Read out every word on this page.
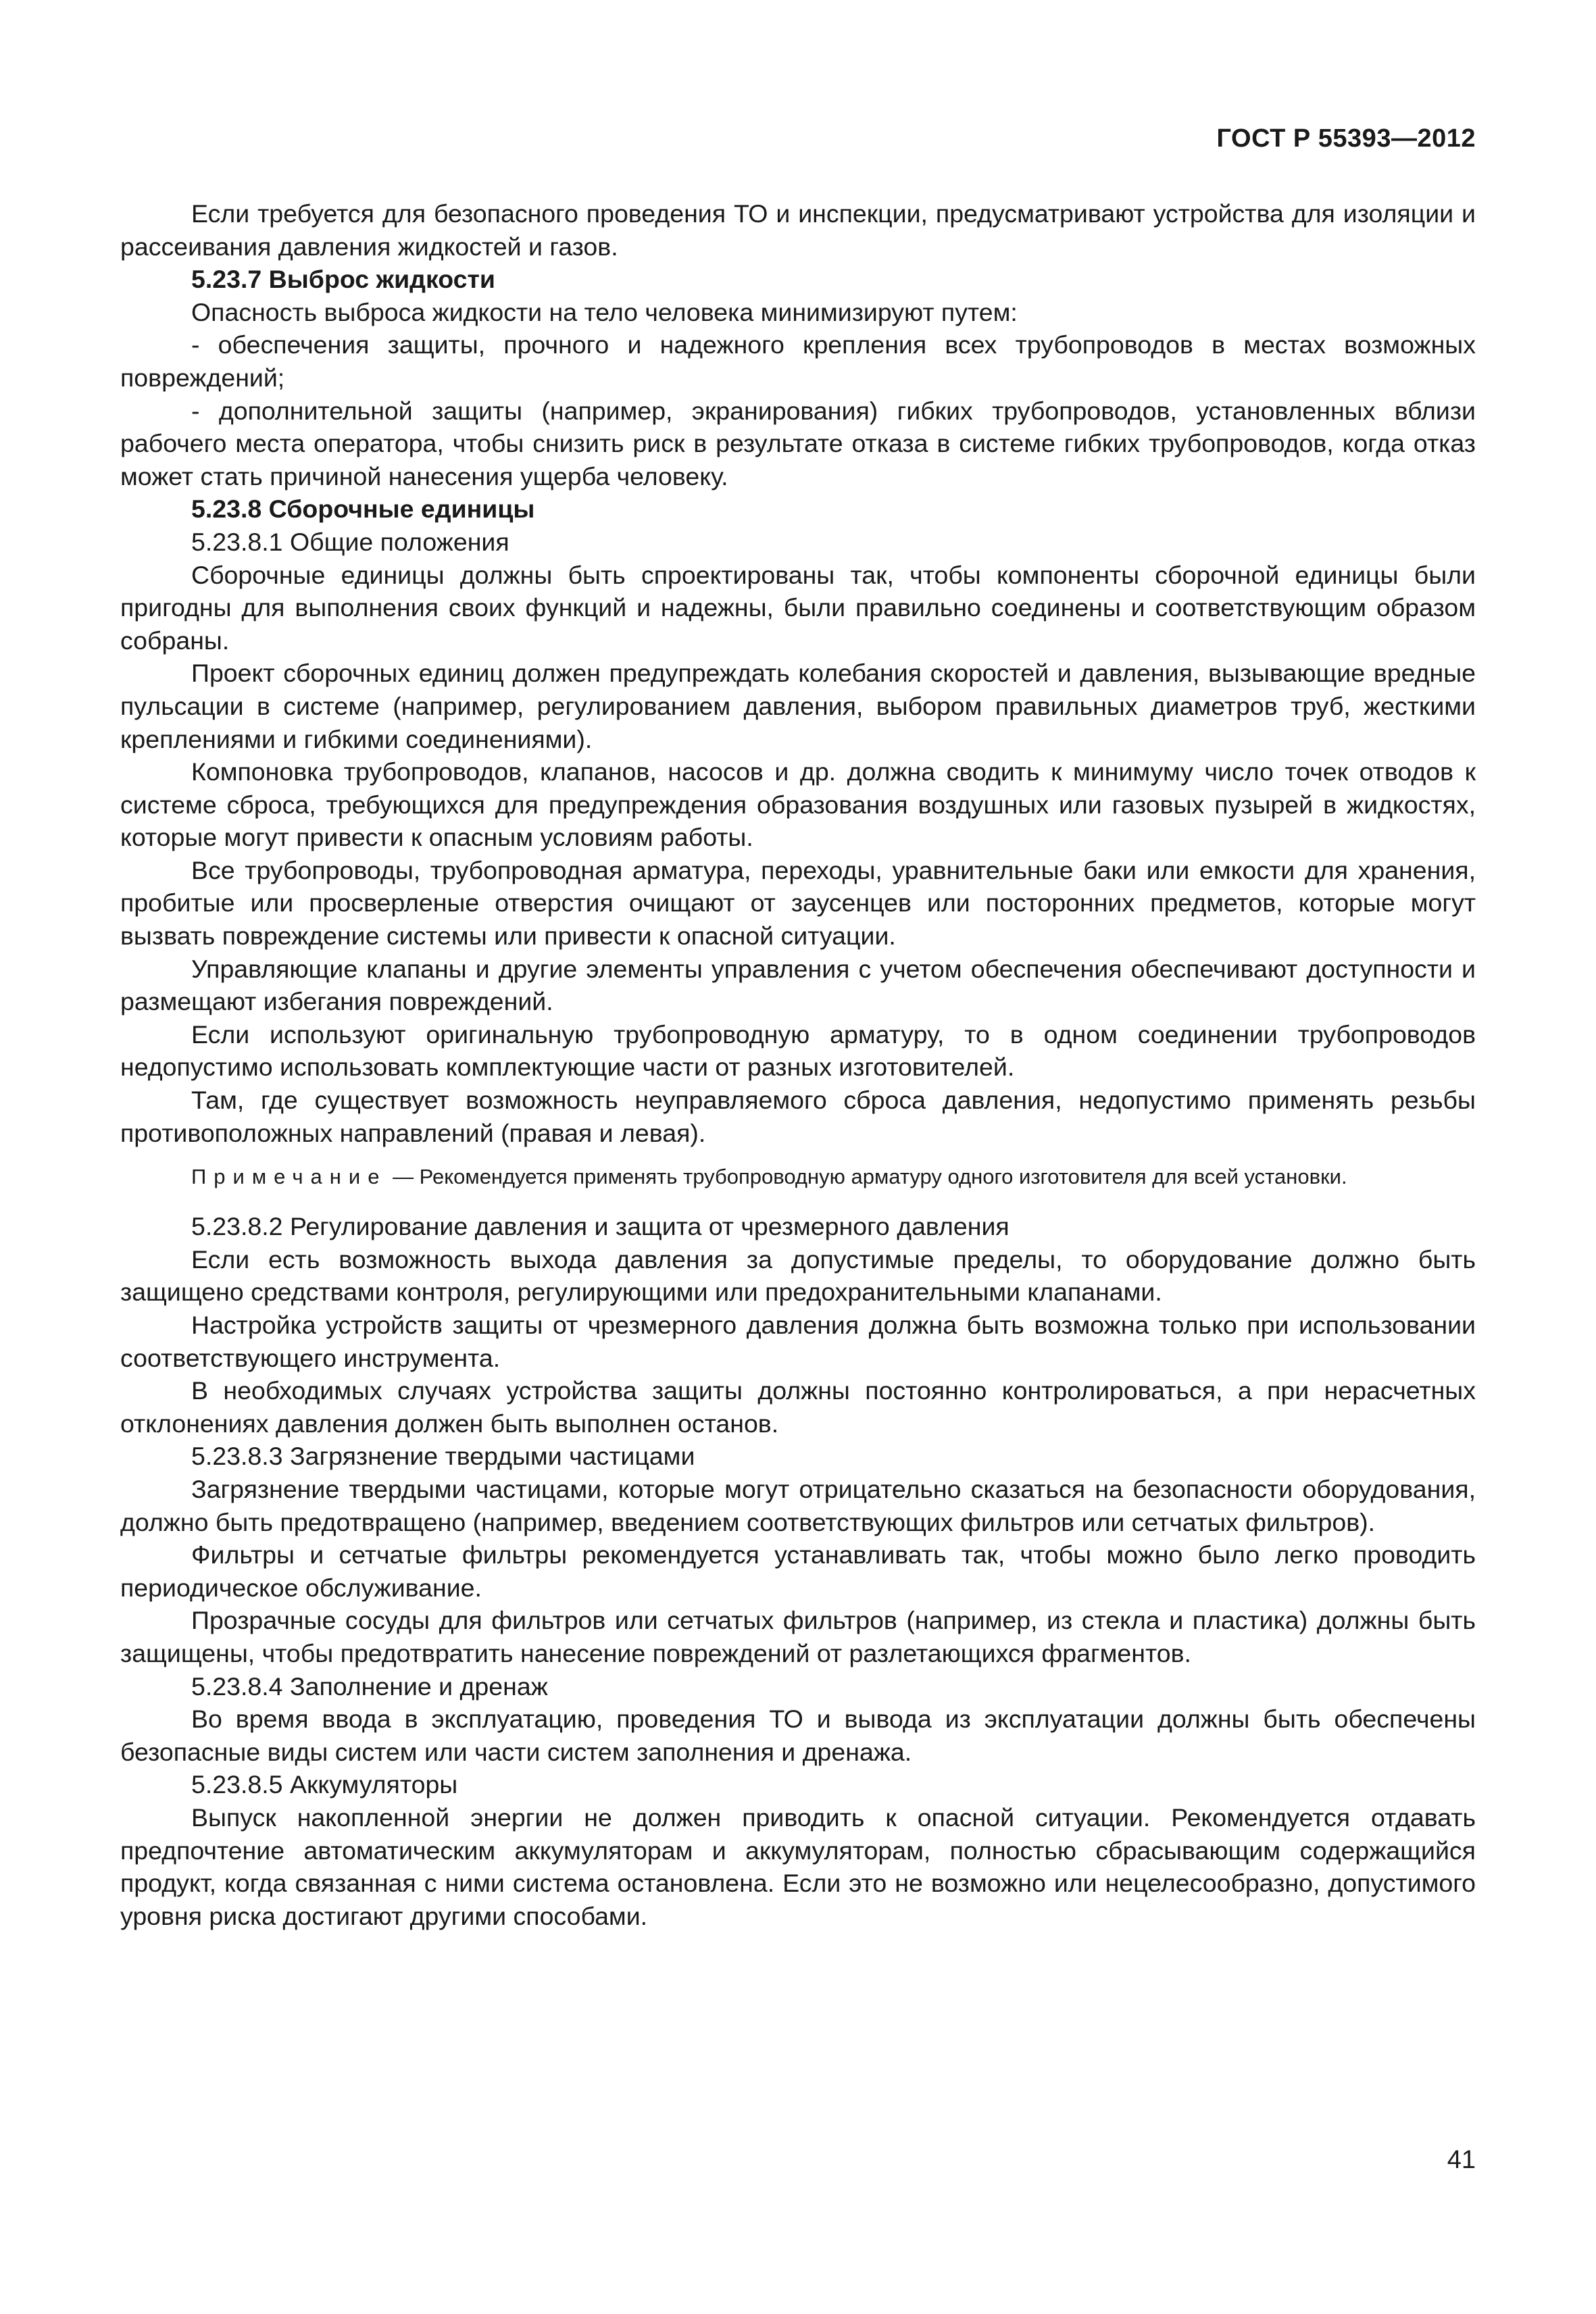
ГОСТ Р 55393—2012

Если требуется для безопасного проведения ТО и инспекции, предусматривают устройства для изоляции и рассеивания давления жидкостей и газов.

5.23.7 Выброс жидкости

Опасность выброса жидкости на тело человека минимизируют путем:

- обеспечения защиты, прочного и надежного крепления всех трубопроводов в местах возможных повреждений;

- дополнительной защиты (например, экранирования) гибких трубопроводов, установленных вблизи рабочего места оператора, чтобы снизить риск в результате отказа в системе гибких трубопроводов, когда отказ может стать причиной нанесения ущерба человеку.

5.23.8 Сборочные единицы

5.23.8.1 Общие положения

Сборочные единицы должны быть спроектированы так, чтобы компоненты сборочной единицы были пригодны для выполнения своих функций и надежны, были правильно соединены и соответствующим образом собраны.

Проект сборочных единиц должен предупреждать колебания скоростей и давления, вызывающие вредные пульсации в системе (например, регулированием давления, выбором правильных диаметров труб, жесткими креплениями и гибкими соединениями).

Компоновка трубопроводов, клапанов, насосов и др. должна сводить к минимуму число точек отводов к системе сброса, требующихся для предупреждения образования воздушных или газовых пузырей в жидкостях, которые могут привести к опасным условиям работы.

Все трубопроводы, трубопроводная арматура, переходы, уравнительные баки или емкости для хранения, пробитые или просверленые отверстия очищают от заусенцев или посторонних предметов, которые могут вызвать повреждение системы или привести к опасной ситуации.

Управляющие клапаны и другие элементы управления с учетом обеспечения обеспечивают доступности и размещают избегания повреждений.

Если используют оригинальную трубопроводную арматуру, то в одном соединении трубопроводов недопустимо использовать комплектующие части от разных изготовителей.

Там, где существует возможность неуправляемого сброса давления, недопустимо применять резьбы противоположных направлений (правая и левая).

Примечание — Рекомендуется применять трубопроводную арматуру одного изготовителя для всей установки.

5.23.8.2 Регулирование давления и защита от чрезмерного давления

Если есть возможность выхода давления за допустимые пределы, то оборудование должно быть защищено средствами контроля, регулирующими или предохранительными клапанами.

Настройка устройств защиты от чрезмерного давления должна быть возможна только при использовании соответствующего инструмента.

В необходимых случаях устройства защиты должны постоянно контролироваться, а при нерасчетных отклонениях давления должен быть выполнен останов.

5.23.8.3 Загрязнение твердыми частицами

Загрязнение твердыми частицами, которые могут отрицательно сказаться на безопасности оборудования, должно быть предотвращено (например, введением соответствующих фильтров или сетчатых фильтров).

Фильтры и сетчатые фильтры рекомендуется устанавливать так, чтобы можно было легко проводить периодическое обслуживание.

Прозрачные сосуды для фильтров или сетчатых фильтров (например, из стекла и пластика) должны быть защищены, чтобы предотвратить нанесение повреждений от разлетающихся фрагментов.

5.23.8.4 Заполнение и дренаж

Во время ввода в эксплуатацию, проведения ТО и вывода из эксплуатации должны быть обеспечены безопасные виды систем или части систем заполнения и дренажа.

5.23.8.5 Аккумуляторы

Выпуск накопленной энергии не должен приводить к опасной ситуации. Рекомендуется отдавать предпочтение автоматическим аккумуляторам и аккумуляторам, полностью сбрасывающим содержащийся продукт, когда связанная с ними система остановлена. Если это не возможно или нецелесообразно, допустимого уровня риска достигают другими способами.

41
